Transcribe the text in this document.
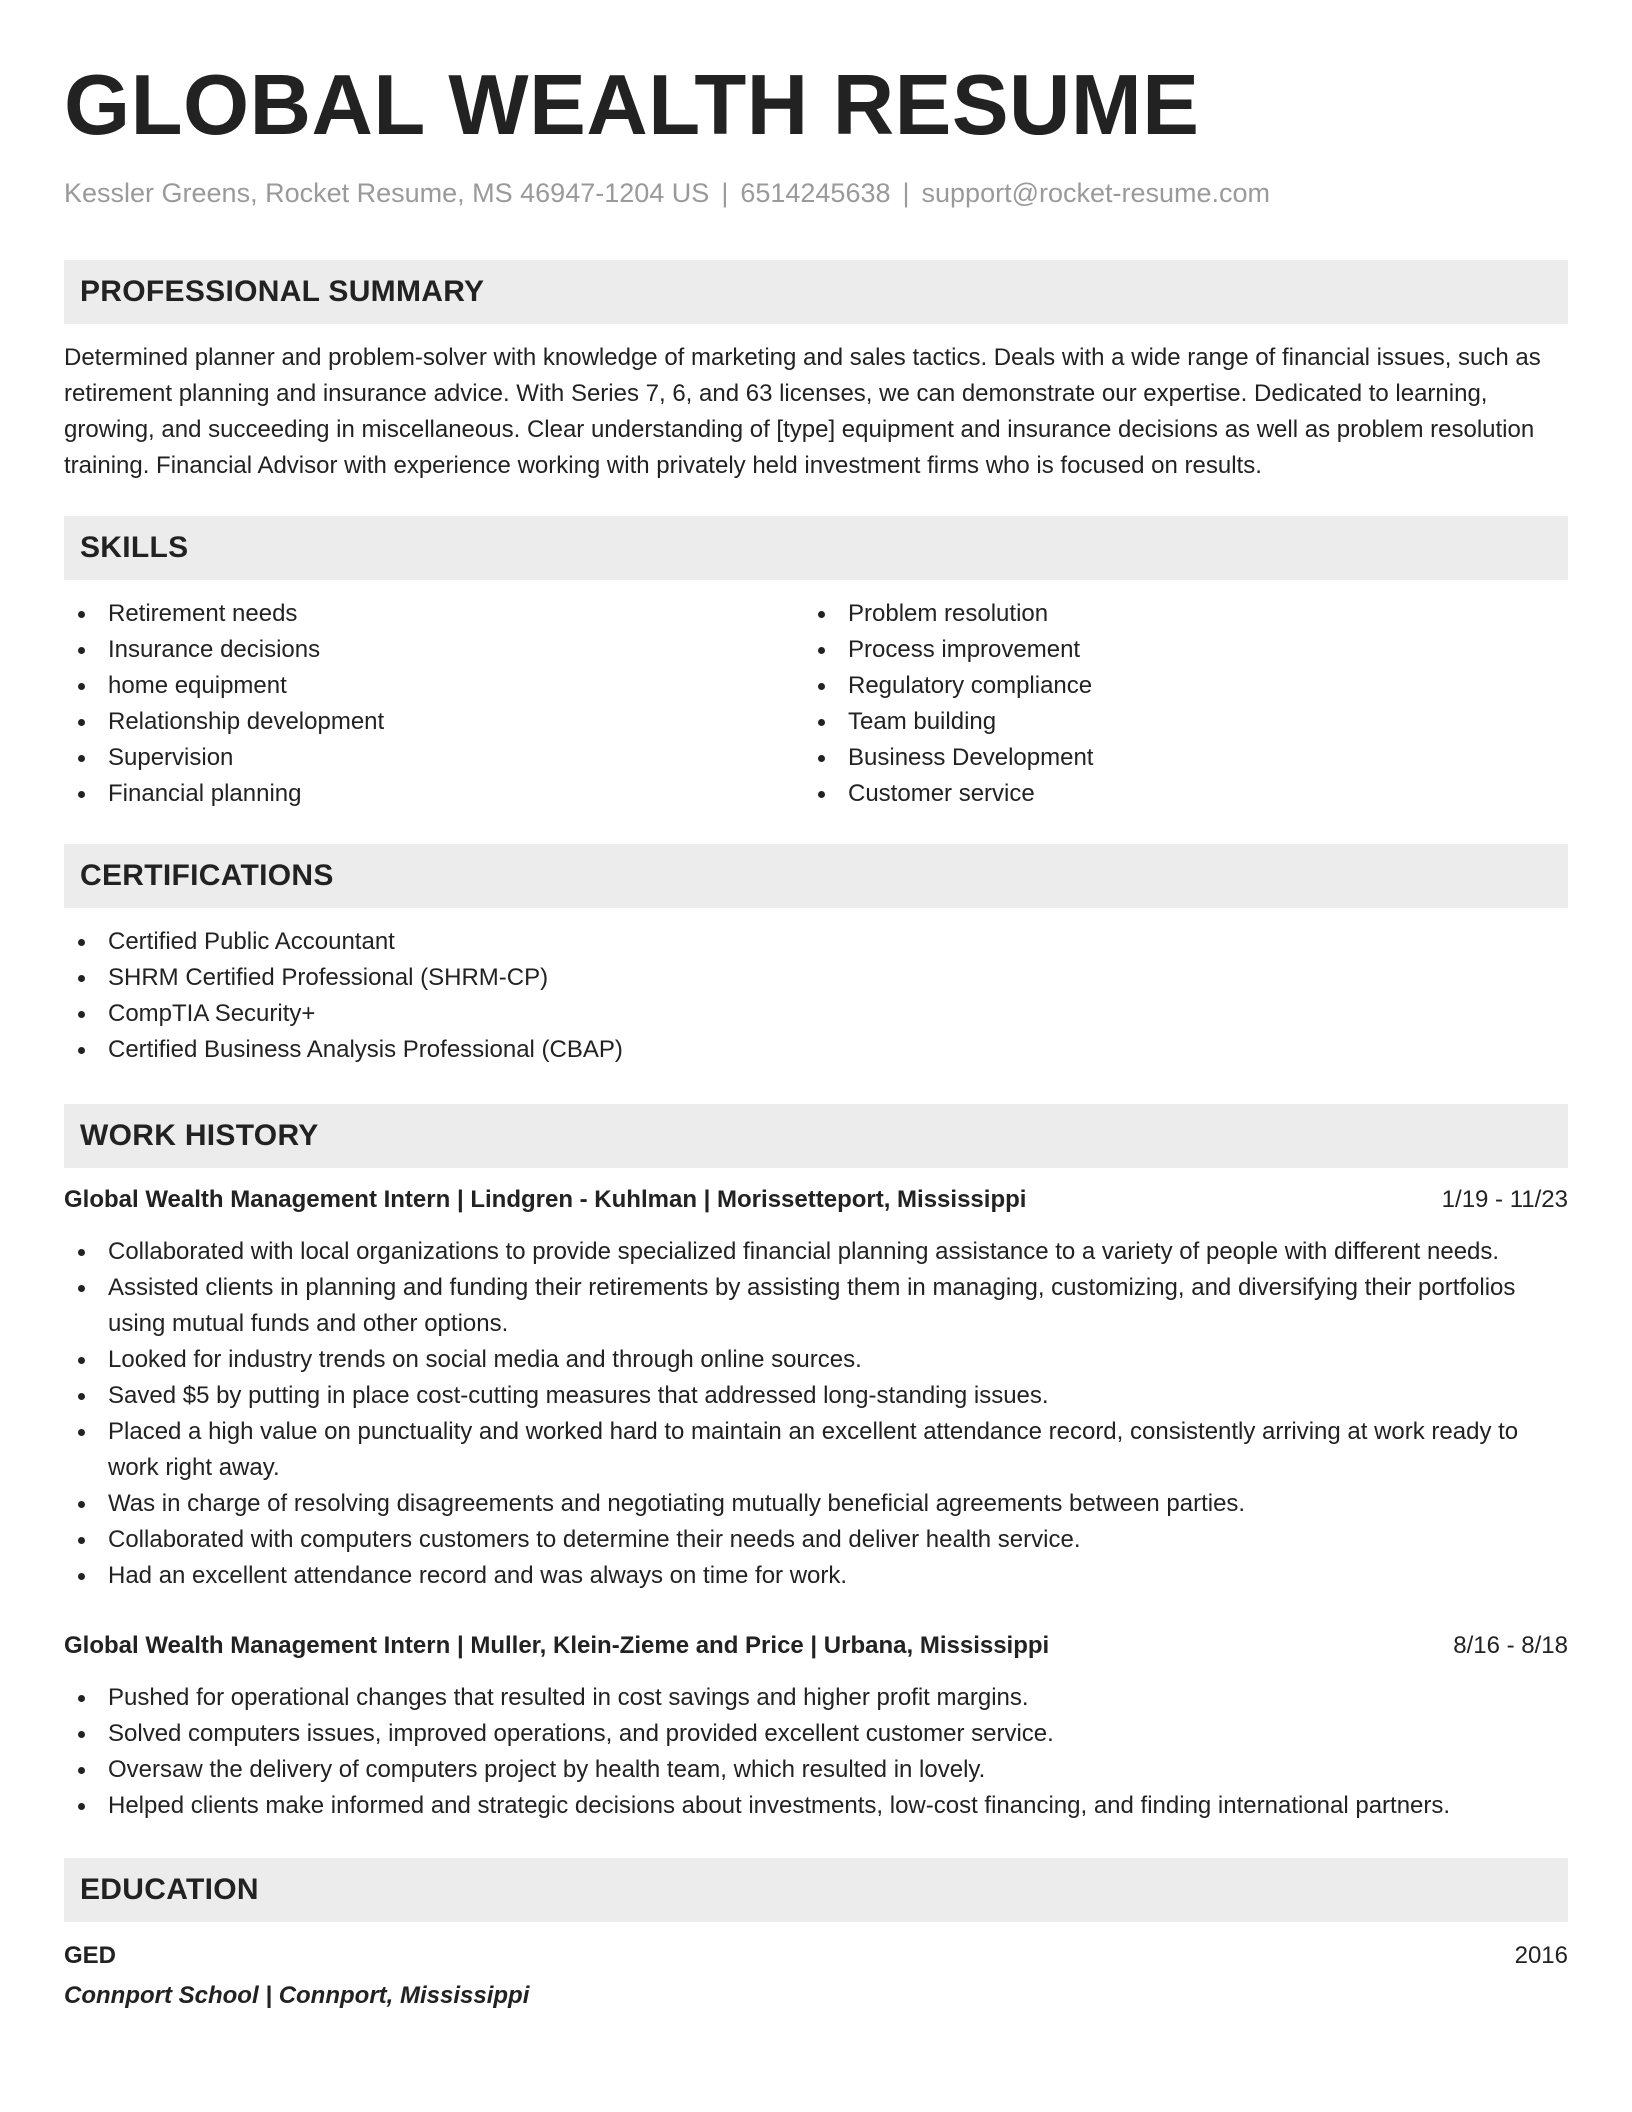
GLOBAL WEALTH RESUME
Kessler Greens, Rocket Resume, MS 46947-1204 US | 6514245638 | support@rocket-resume.com
PROFESSIONAL SUMMARY

Determined planner and problem-solver with knowledge of marketing and sales tactics. Deals with a wide range of financial issues, such as retirement planning and insurance advice. With Series 7, 6, and 63 licenses, we can demonstrate our expertise. Dedicated to learning, growing, and succeeding in miscellaneous. Clear understanding of [type] equipment and insurance decisions as well as problem resolution training. Financial Advisor with experience working with privately held investment firms who is focused on results.

SKILLS
Retirement needs
Insurance decisions
home equipment
Relationship development
Supervision
Financial planning
Problem resolution
Process improvement
Regulatory compliance
Team building
Business Development
Customer service
CERTIFICATIONS
Certified Public Accountant
SHRM Certified Professional (SHRM-CP)
CompTIA Security+
Certified Business Analysis Professional (CBAP)
WORK HISTORY
Global Wealth Management Intern | Lindgren - Kuhlman | Morissetteport, Mississippi	1/19 - 11/23
Collaborated with local organizations to provide specialized financial planning assistance to a variety of people with different needs.
Assisted clients in planning and funding their retirements by assisting them in managing, customizing, and diversifying their portfolios using mutual funds and other options.
Looked for industry trends on social media and through online sources.
Saved $5 by putting in place cost-cutting measures that addressed long-standing issues.
Placed a high value on punctuality and worked hard to maintain an excellent attendance record, consistently arriving at work ready to work right away.
Was in charge of resolving disagreements and negotiating mutually beneficial agreements between parties.
Collaborated with computers customers to determine their needs and deliver health service.
Had an excellent attendance record and was always on time for work.
Global Wealth Management Intern | Muller, Klein-Zieme and Price | Urbana, Mississippi	8/16 - 8/18
Pushed for operational changes that resulted in cost savings and higher profit margins.
Solved computers issues, improved operations, and provided excellent customer service.
Oversaw the delivery of computers project by health team, which resulted in lovely.
Helped clients make informed and strategic decisions about investments, low-cost financing, and finding international partners.
EDUCATION
GED	2016
Connport School | Connport, Mississippi
